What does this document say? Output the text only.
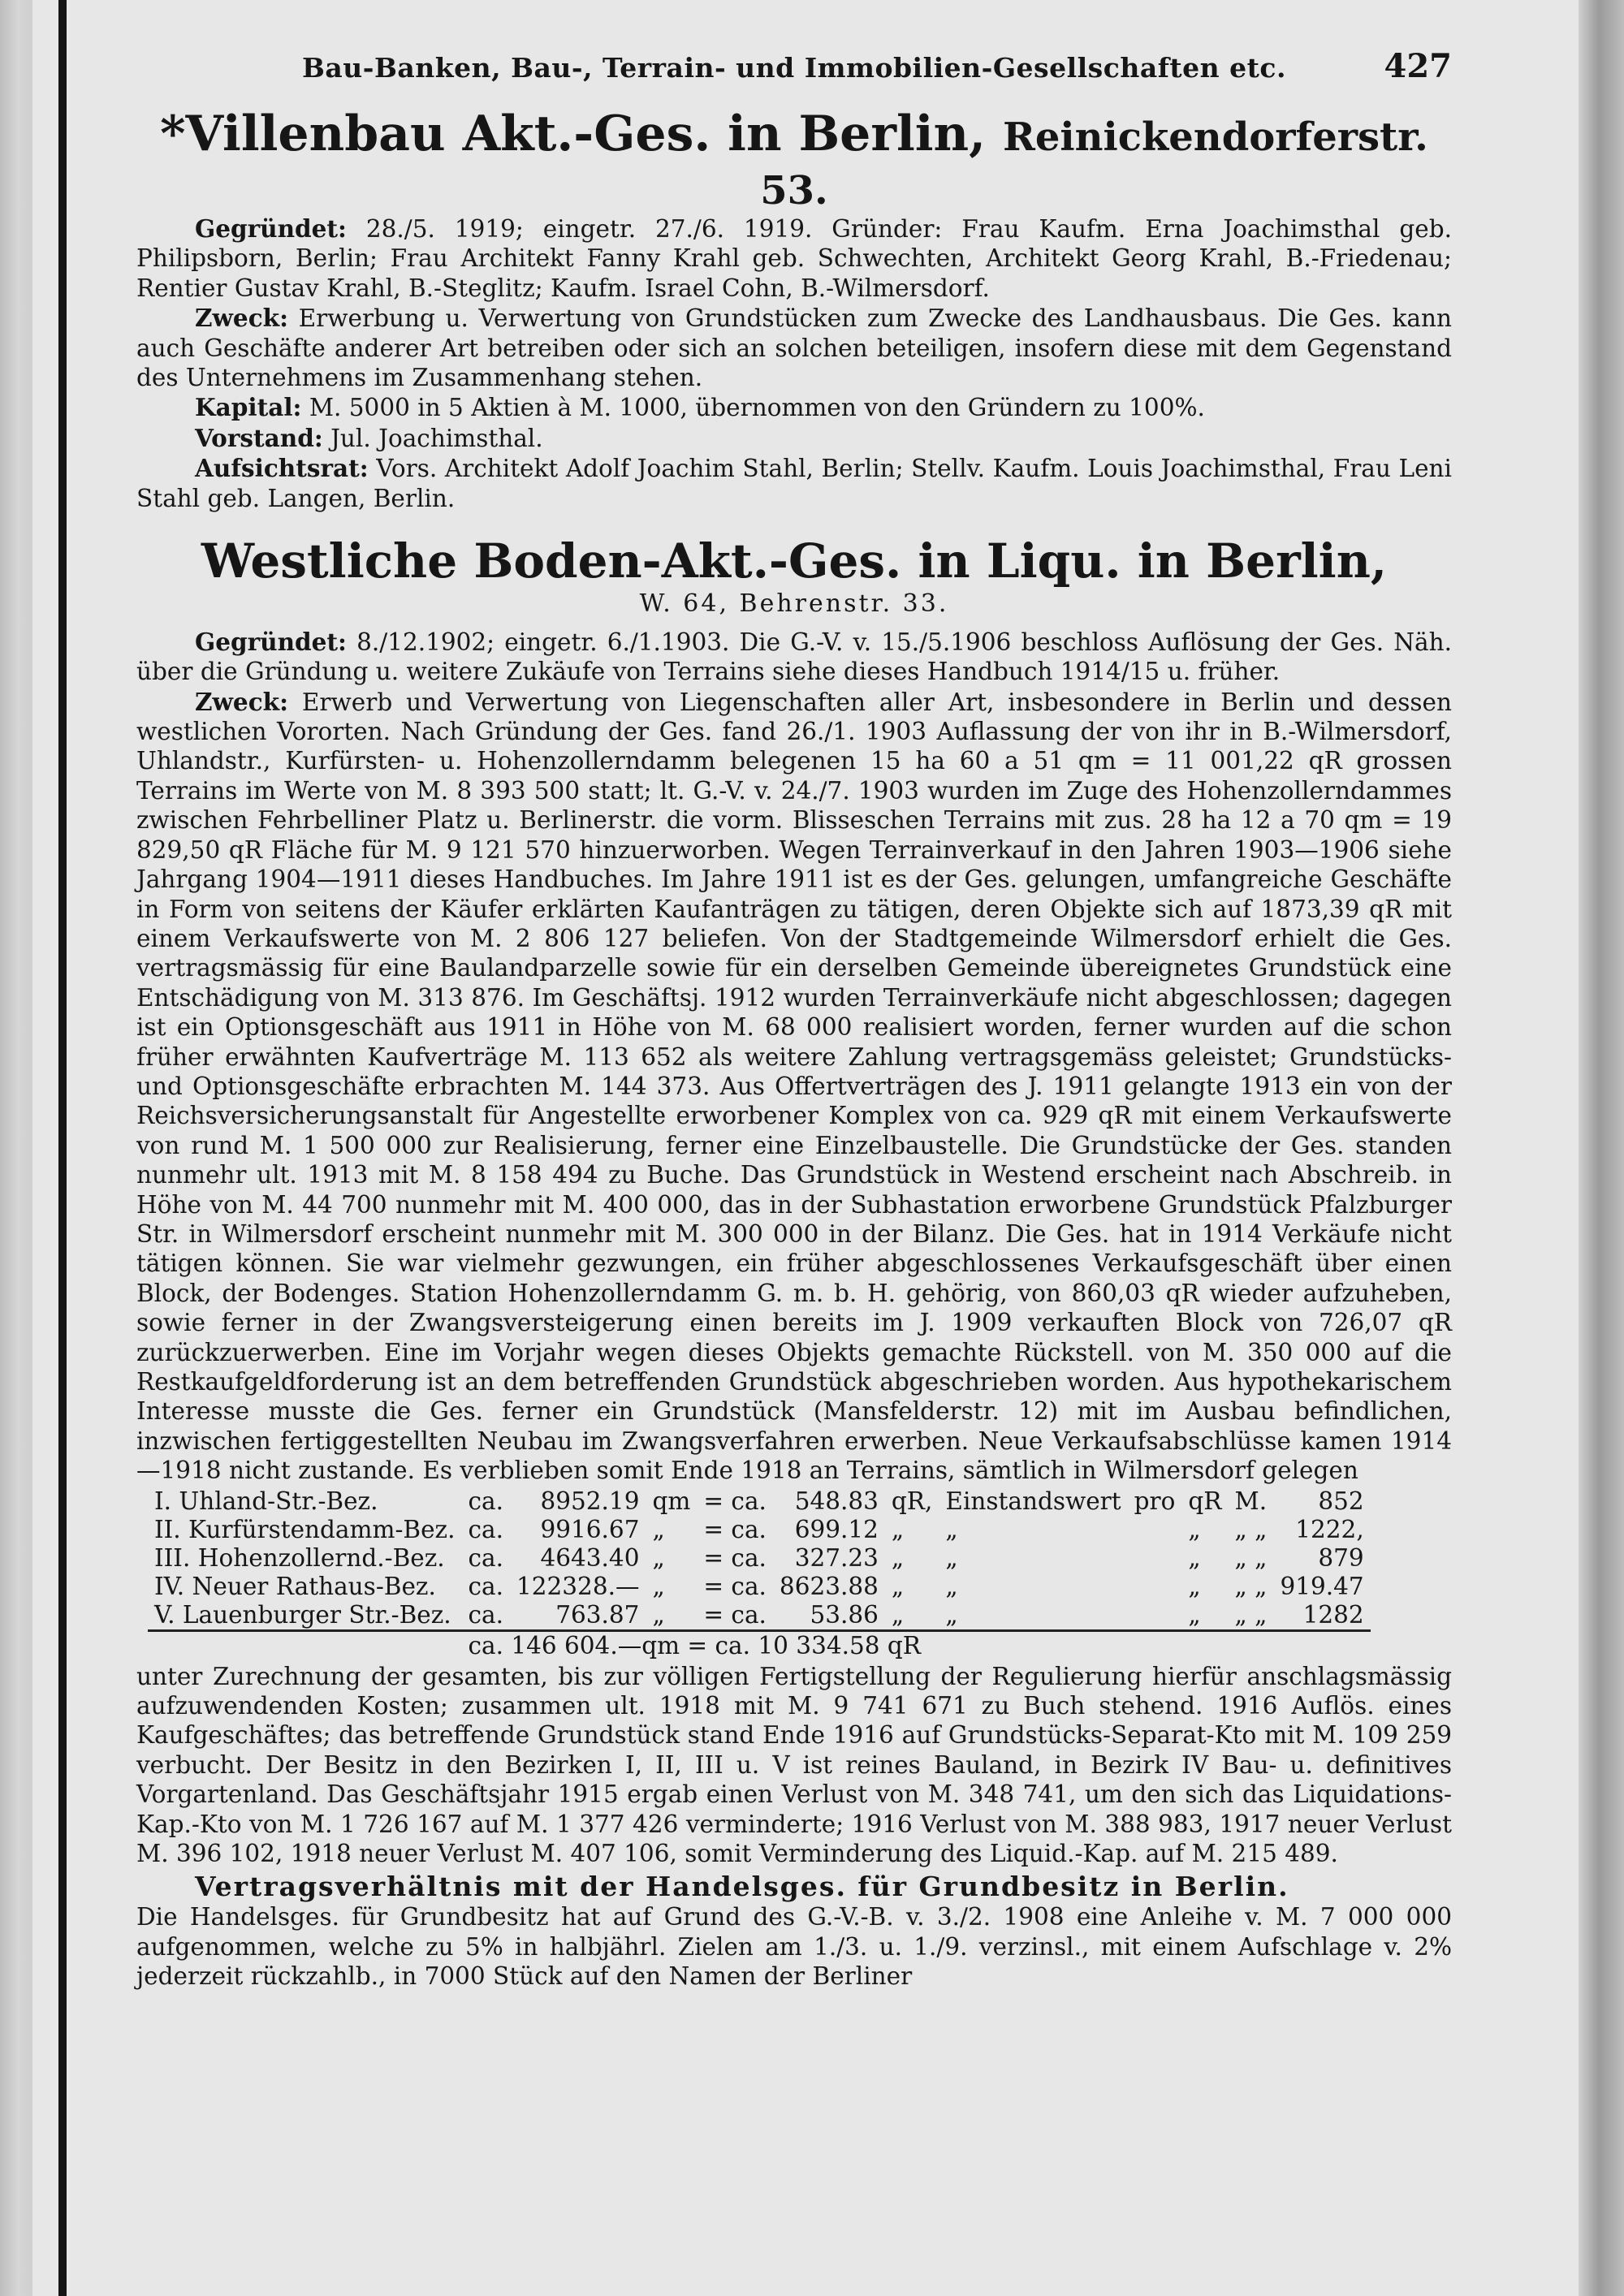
Bau-Banken, Bau-, Terrain- und Immobilien-Gesellschaften etc.	427
*Villenbau Akt.-Ges. in Berlin, Reinickendorferstr. 53.

Gegründet: 28./5. 1919; eingetr. 27./6. 1919. Gründer: Frau Kaufm. Erna Joachimsthal geb. Philipsborn, Berlin; Frau Architekt Fanny Krahl geb. Schwechten, Architekt Georg Krahl, B.-Friedenau; Rentier Gustav Krahl, B.-Steglitz; Kaufm. Israel Cohn, B.-Wilmersdorf.

Zweck: Erwerbung u. Verwertung von Grundstücken zum Zwecke des Landhausbaus. Die Ges. kann auch Geschäfte anderer Art betreiben oder sich an solchen beteiligen, insofern diese mit dem Gegenstand des Unternehmens im Zusammenhang stehen.

Kapital: M. 5000 in 5 Aktien à M. 1000, übernommen von den Gründern zu 100%.

Vorstand: Jul. Joachimsthal.

Aufsichtsrat: Vors. Architekt Adolf Joachim Stahl, Berlin; Stellv. Kaufm. Louis Joachimsthal, Frau Leni Stahl geb. Langen, Berlin.

Westliche Boden-Akt.-Ges. in Liqu. in Berlin,
W. 64, Behrenstr. 33.

Gegründet: 8./12.1902; eingetr. 6./1.1903. Die G.-V. v. 15./5.1906 beschloss Auflösung der Ges. Näh. über die Gründung u. weitere Zukäufe von Terrains siehe dieses Handbuch 1914/15 u. früher.

Zweck: Erwerb und Verwertung von Liegenschaften aller Art, insbesondere in Berlin und dessen westlichen Vororten. Nach Gründung der Ges. fand 26./1. 1903 Auflassung der von ihr in B.-Wilmersdorf, Uhlandstr., Kurfürsten- u. Hohenzollerndamm belegenen 15 ha 60 a 51 qm = 11 001,22 qR grossen Terrains im Werte von M. 8 393 500 statt; lt. G.-V. v. 24./7. 1903 wurden im Zuge des Hohenzollerndammes zwischen Fehrbelliner Platz u. Berlinerstr. die vorm. Blisseschen Terrains mit zus. 28 ha 12 a 70 qm = 19 829,50 qR Fläche für M. 9 121 570 hinzuerworben. Wegen Terrainverkauf in den Jahren 1903—1906 siehe Jahrgang 1904—1911 dieses Handbuches. Im Jahre 1911 ist es der Ges. gelungen, umfangreiche Geschäfte in Form von seitens der Käufer erklärten Kaufanträgen zu tätigen, deren Objekte sich auf 1873,39 qR mit einem Verkaufswerte von M. 2 806 127 beliefen. Von der Stadtgemeinde Wilmersdorf erhielt die Ges. vertragsmässig für eine Baulandparzelle sowie für ein derselben Gemeinde übereignetes Grundstück eine Entschädigung von M. 313 876. Im Geschäftsj. 1912 wurden Terrainverkäufe nicht abgeschlossen; dagegen ist ein Optionsgeschäft aus 1911 in Höhe von M. 68 000 realisiert worden, ferner wurden auf die schon früher erwähnten Kaufverträge M. 113 652 als weitere Zahlung vertragsgemäss geleistet; Grundstücks- und Optionsgeschäfte erbrachten M. 144 373. Aus Offertverträgen des J. 1911 gelangte 1913 ein von der Reichsversicherungsanstalt für Angestellte erworbener Komplex von ca. 929 qR mit einem Verkaufswerte von rund M. 1 500 000 zur Realisierung, ferner eine Einzelbaustelle. Die Grundstücke der Ges. standen nunmehr ult. 1913 mit M. 8 158 494 zu Buche. Das Grundstück in Westend erscheint nach Abschreib. in Höhe von M. 44 700 nunmehr mit M. 400 000, das in der Subhastation erworbene Grundstück Pfalzburger Str. in Wilmersdorf erscheint nunmehr mit M. 300 000 in der Bilanz. Die Ges. hat in 1914 Verkäufe nicht tätigen können. Sie war vielmehr gezwungen, ein früher abgeschlossenes Verkaufsgeschäft über einen Block, der Bodenges. Station Hohenzollerndamm G. m. b. H. gehörig, von 860,03 qR wieder aufzuheben, sowie ferner in der Zwangsversteigerung einen bereits im J. 1909 verkauften Block von 726,07 qR zurückzuerwerben. Eine im Vorjahr wegen dieses Objekts gemachte Rückstell. von M. 350 000 auf die Restkaufgeldforderung ist an dem betreffenden Grundstück abgeschrieben worden. Aus hypothekarischem Interesse musste die Ges. ferner ein Grundstück (Mansfelderstr. 12) mit im Ausbau befindlichen, inzwischen fertiggestellten Neubau im Zwangsverfahren erwerben. Neue Verkaufsabschlüsse kamen 1914—1918 nicht zustande. Es verblieben somit Ende 1918 an Terrains, sämtlich in Wilmersdorf gelegen

I. Uhland-Str.-Bez.	ca.	8952.19	qm	= ca.	548.83	qR,	Einstandswert	pro	qR	M.	852
II. Kurfürstendamm-Bez.	ca.	9916.67	„	= ca.	699.12	„	„		„	„ „	1222,
III. Hohenzollernd.-Bez.	ca.	4643.40	„	= ca.	327.23	„	„		„	„ „	879
IV. Neuer Rathaus-Bez.	ca.	122328.—	„	= ca.	8623.88	„	„		„	„ „	919.47
V. Lauenburger Str.-Bez.	ca.	763.87	„	= ca.	53.86	„	„		„	„ „	1282
	ca. 146 604.—qm = ca. 10 334.58 qR										

unter Zurechnung der gesamten, bis zur völligen Fertigstellung der Regulierung hierfür anschlagsmässig aufzuwendenden Kosten; zusammen ult. 1918 mit M. 9 741 671 zu Buch stehend. 1916 Auflös. eines Kaufgeschäftes; das betreffende Grundstück stand Ende 1916 auf Grundstücks-Separat-Kto mit M. 109 259 verbucht. Der Besitz in den Bezirken I, II, III u. V ist reines Bauland, in Bezirk IV Bau- u. definitives Vorgartenland. Das Geschäftsjahr 1915 ergab einen Verlust von M. 348 741, um den sich das Liquidations-Kap.-Kto von M. 1 726 167 auf M. 1 377 426 verminderte; 1916 Verlust von M. 388 983, 1917 neuer Verlust M. 396 102, 1918 neuer Verlust M. 407 106, somit Verminderung des Liquid.-Kap. auf M. 215 489.

Vertragsverhältnis mit der Handelsges. für Grundbesitz in Berlin.

Die Handelsges. für Grundbesitz hat auf Grund des G.-V.-B. v. 3./2. 1908 eine Anleihe v. M. 7 000 000 aufgenommen, welche zu 5% in halbjährl. Zielen am 1./3. u. 1./9. verzinsl., mit einem Aufschlage v. 2% jederzeit rückzahlb., in 7000 Stück auf den Namen der Berliner
